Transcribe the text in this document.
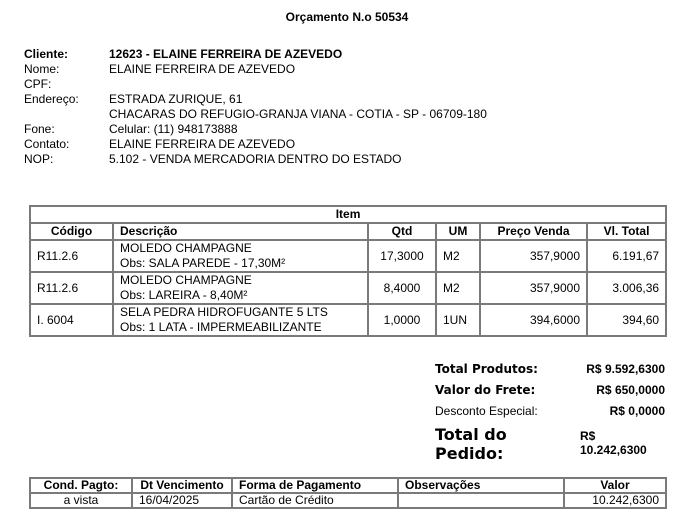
Orçamento N.o 50534
Cliente:	12623 - ELAINE FERREIRA DE AZEVEDO
Nome:	ELAINE FERREIRA DE AZEVEDO
CPF:
Endereço:	ESTRADA ZURIQUE, 61
CHACARAS DO REFUGIO-GRANJA VIANA - COTIA - SP - 06709-180
Fone:	Celular: (11) 948173888
Contato:	ELAINE FERREIRA DE AZEVEDO
NOP:	5.102 - VENDA MERCADORIA DENTRO DO ESTADO
Item					
Código	Descrição	Qtd	UM	Preço Venda	Vl. Total
R11.2.6	MOLEDO CHAMPAGNE
Obs: SALA PAREDE - 17,30M²	17,3000	M2	357,9000	6.191,67
R11.2.6	MOLEDO CHAMPAGNE
Obs: LAREIRA - 8,40M²	8,4000	M2	357,9000	3.006,36
I. 6004	SELA PEDRA HIDROFUGANTE 5 LTS
Obs: 1 LATA - IMPERMEABILIZANTE	1,0000	1UN	394,6000	394,60
Total Produtos:	R$ 9.592,6300
Valor do Frete:	R$ 650,0000
Desconto Especial:	R$ 0,0000
Total do Pedido:
R$ 10.242,6300
Cond. Pagto:	Dt Vencimento	Forma de Pagamento	Observações	Valor
a vista	16/04/2025	Cartão de Crédito		10.242,6300
